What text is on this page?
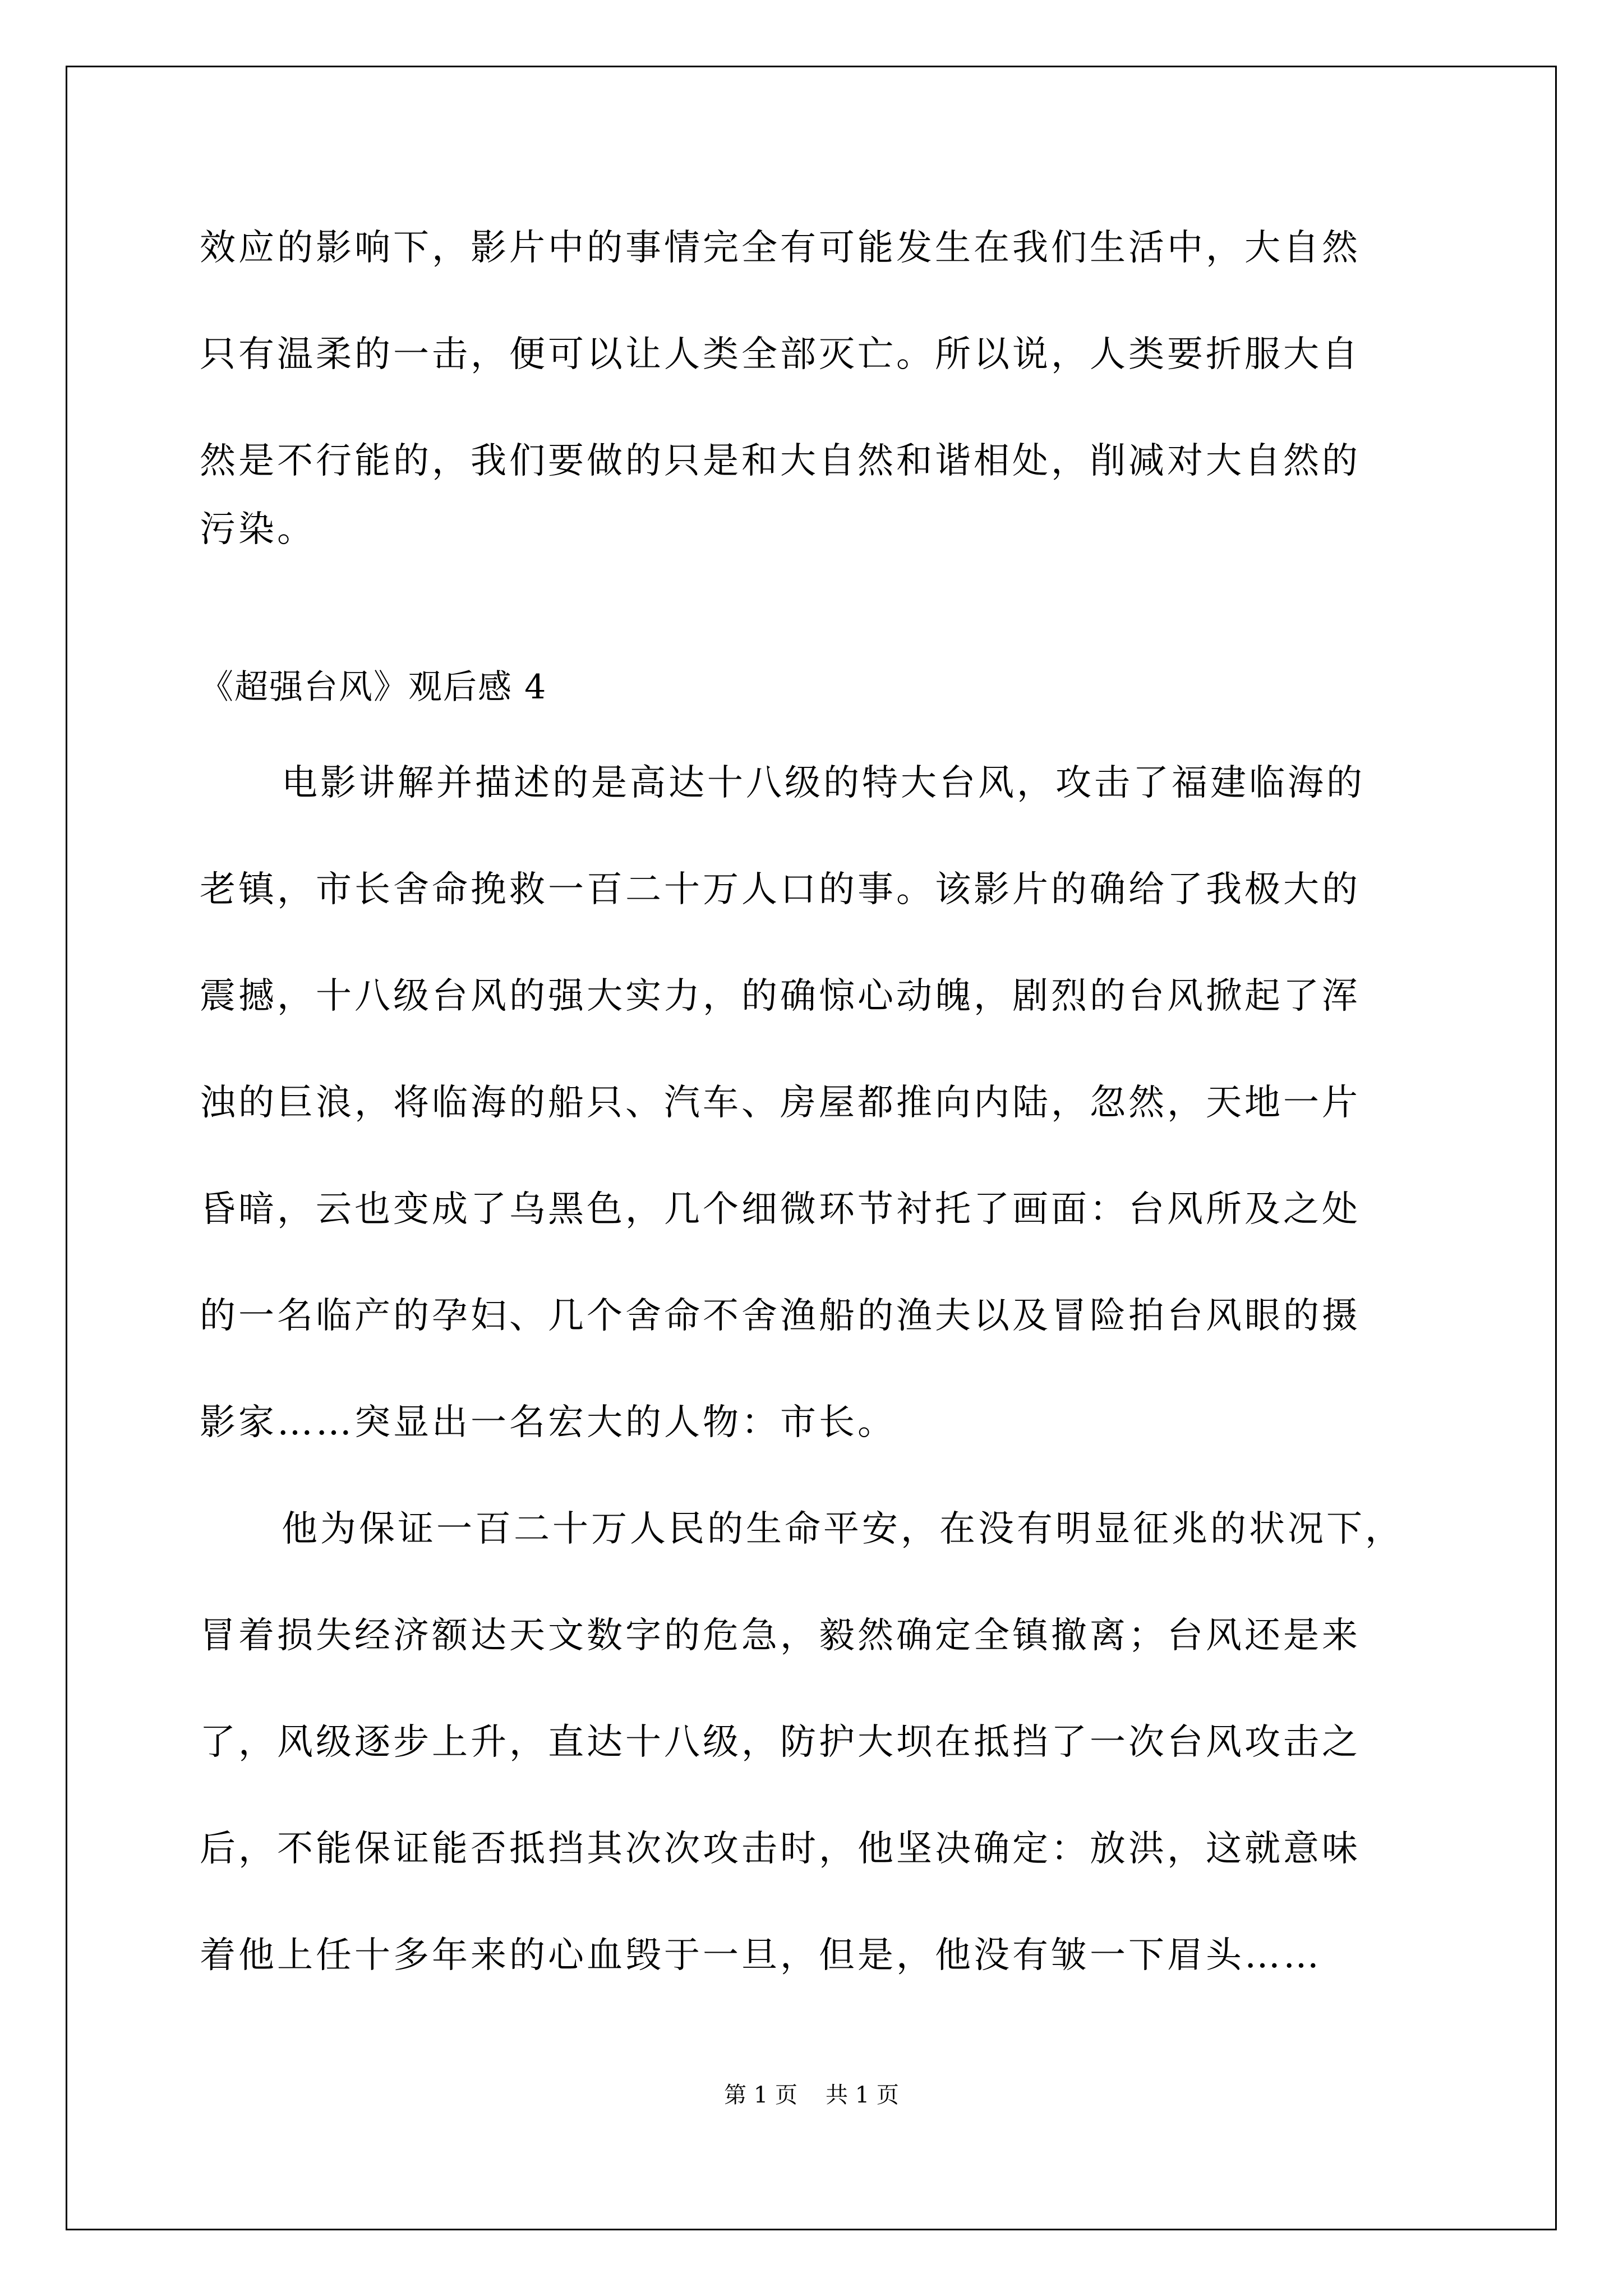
效应的影响下，影片中的事情完全有可能发生在我们生活中，大自然
只有温柔的一击，便可以让人类全部灭亡。所以说，人类要折服大自
然是不行能的，我们要做的只是和大自然和谐相处，削减对大自然的
污染。
《超强台风》观后感 4
电影讲解并描述的是高达十八级的特大台风，攻击了福建临海的
老镇，市长舍命挽救一百二十万人口的事。该影片的确给了我极大的
震撼，十八级台风的强大实力，的确惊心动魄，剧烈的台风掀起了浑
浊的巨浪，将临海的船只、汽车、房屋都推向内陆，忽然，天地一片
昏暗，云也变成了乌黑色，几个细微环节衬托了画面：台风所及之处
的一名临产的孕妇、几个舍命不舍渔船的渔夫以及冒险拍台风眼的摄
影家……突显出一名宏大的人物：市长。
他为保证一百二十万人民的生命平安，在没有明显征兆的状况下，
冒着损失经济额达天文数字的危急，毅然确定全镇撤离；台风还是来
了，风级逐步上升，直达十八级，防护大坝在抵挡了一次台风攻击之
后，不能保证能否抵挡其次次攻击时，他坚决确定：放洪，这就意味
着他上任十多年来的心血毁于一旦，但是，他没有皱一下眉头……
第 1 页 共 1 页
